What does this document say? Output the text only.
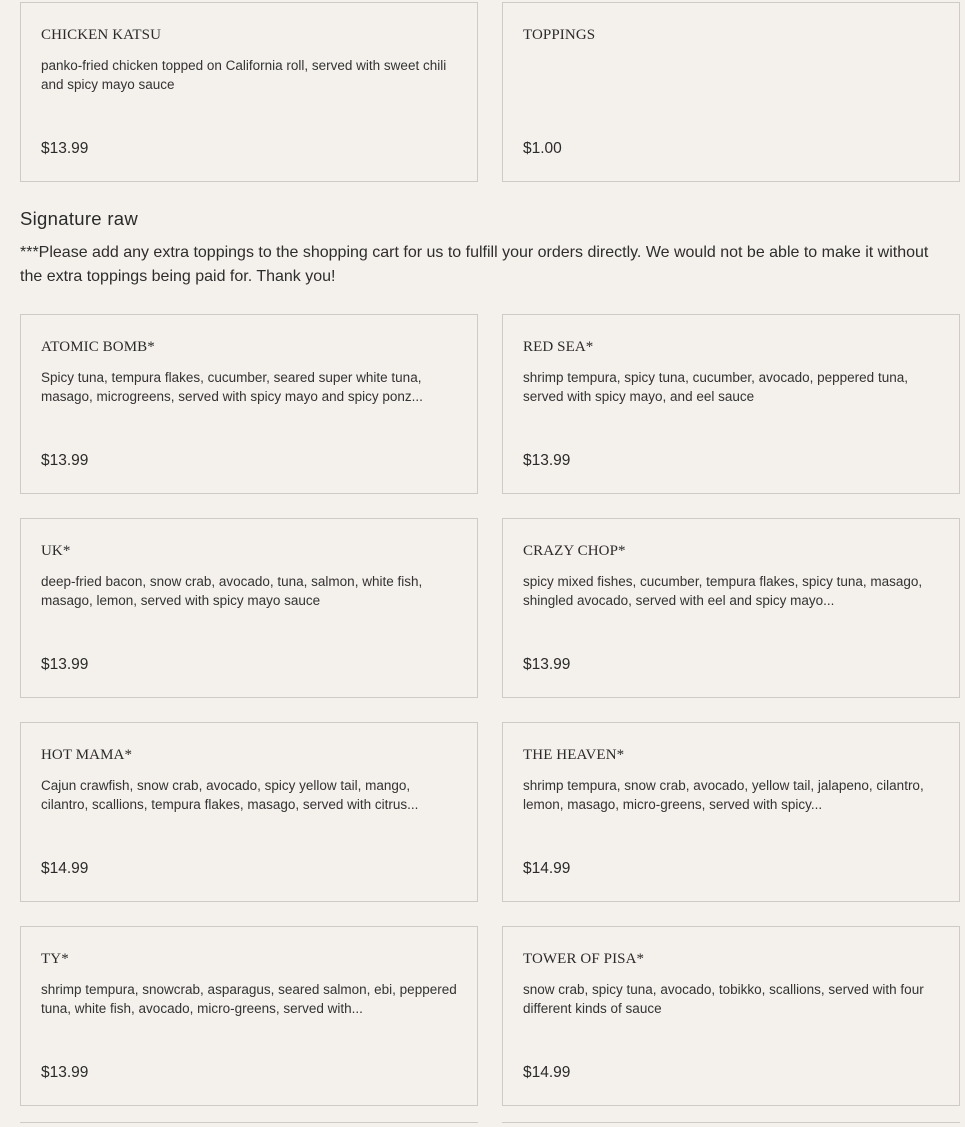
CHICKEN KATSU
panko-fried chicken topped on California roll, served with sweet chili and spicy mayo sauce
$13.99
TOPPINGS
$1.00
Signature raw

***Please add any extra toppings to the shopping cart for us to fulfill your orders directly. We would not be able to make it without the extra toppings being paid for. Thank you!

ATOMIC BOMB*
Spicy tuna, tempura flakes, cucumber, seared super white tuna, masago, microgreens, served with spicy mayo and spicy ponz...
$13.99
RED SEA*
shrimp tempura, spicy tuna, cucumber, avocado, peppered tuna, served with spicy mayo, and eel sauce
$13.99
UK*
deep-fried bacon, snow crab, avocado, tuna, salmon, white fish, masago, lemon, served with spicy mayo sauce
$13.99
CRAZY CHOP*
spicy mixed fishes, cucumber, tempura flakes, spicy tuna, masago, shingled avocado, served with eel and spicy mayo...
$13.99
HOT MAMA*
Cajun crawfish, snow crab, avocado, spicy yellow tail, mango, cilantro, scallions, tempura flakes, masago, served with citrus...
$14.99
THE HEAVEN*
shrimp tempura, snow crab, avocado, yellow tail, jalapeno, cilantro, lemon, masago, micro-greens, served with spicy...
$14.99
TY*
shrimp tempura, snowcrab, asparagus, seared salmon, ebi, peppered tuna, white fish, avocado, micro-greens, served with...
$13.99
TOWER OF PISA*
snow crab, spicy tuna, avocado, tobikko, scallions, served with four different kinds of sauce
$14.99
